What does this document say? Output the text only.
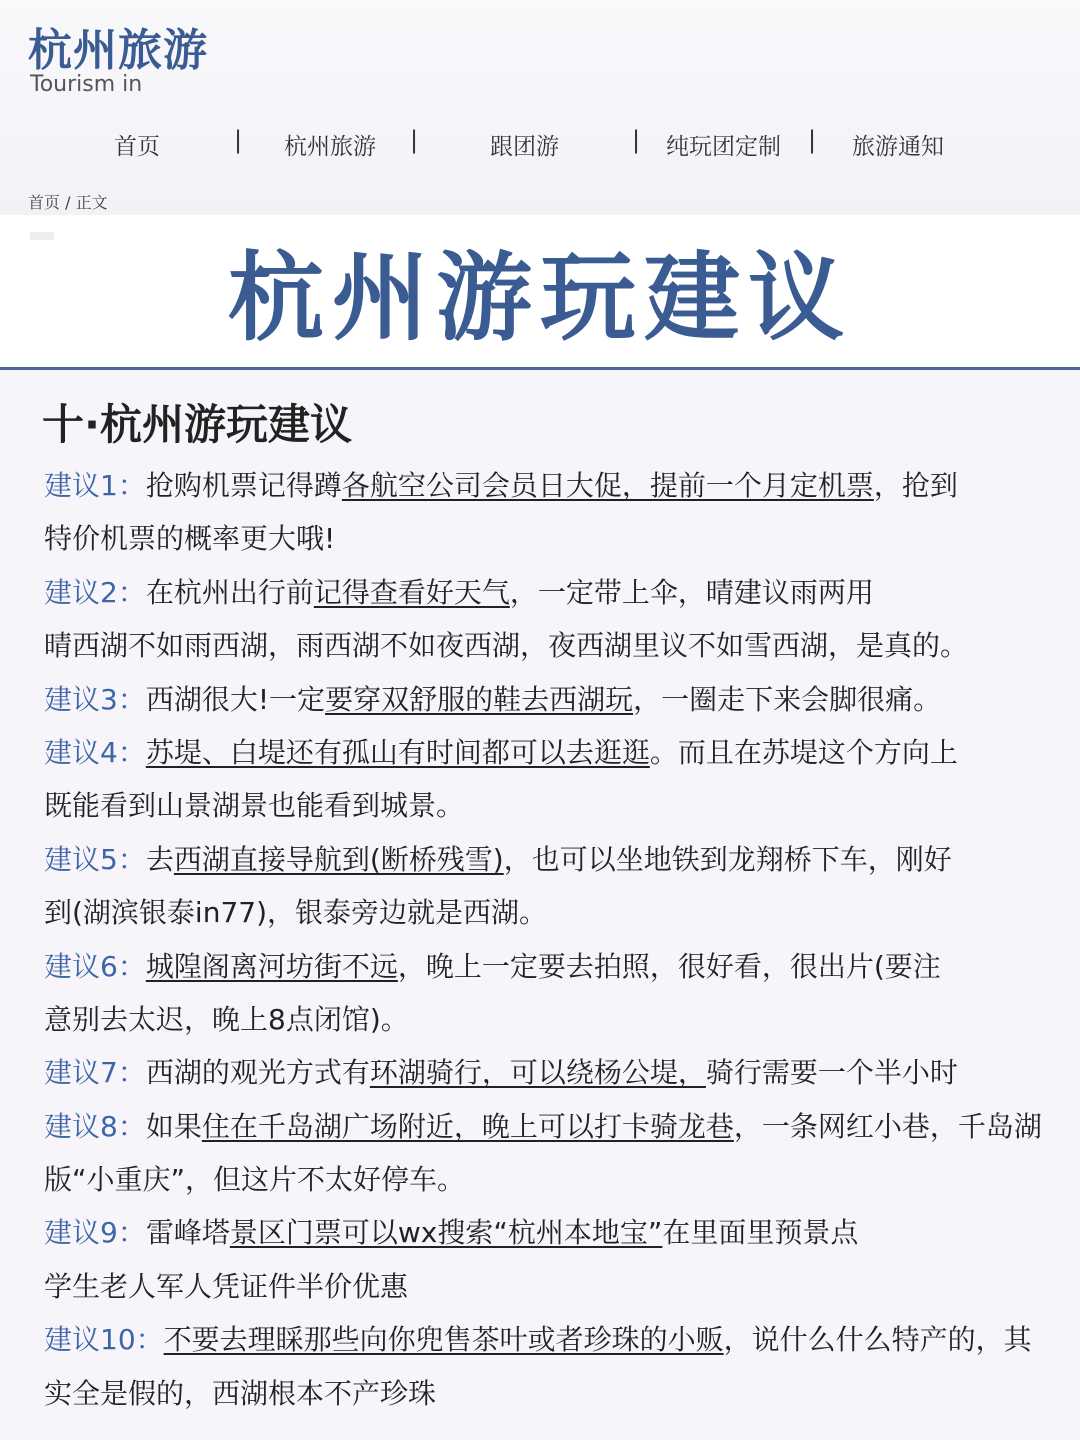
杭州旅游
Tourism in
首页	| 杭州旅游 |	跟团游	| 纯玩团定制 | 旅游通知
首页 / 正文
杭州游玩建议
十·杭州游玩建议
建议1：抢购机票记得蹲各航空公司会员日大促，提前一个月定机票，抢到
特价机票的概率更大哦!
建议2：在杭州出行前记得查看好天气，一定带上伞，晴建议雨两用
晴西湖不如雨西湖，雨西湖不如夜西湖，夜西湖里议不如雪西湖，是真的。
建议3：西湖很大!一定要穿双舒服的鞋去西湖玩，一圈走下来会脚很痛。
建议4：苏堤、白堤还有孤山有时间都可以去逛逛。而且在苏堤这个方向上
既能看到山景湖景也能看到城景。
建议5：去西湖直接导航到(断桥残雪)，也可以坐地铁到龙翔桥下车，刚好
到(湖滨银泰in77)，银泰旁边就是西湖。
建议6：城隍阁离河坊街不远，晚上一定要去拍照，很好看，很出片(要注
意别去太迟，晚上8点闭馆)。
建议7：西湖的观光方式有环湖骑行，可以绕杨公堤，骑行需要一个半小时
建议8：如果住在千岛湖广场附近，晚上可以打卡骑龙巷，一条网红小巷，千岛湖
版“小重庆”，但这片不太好停车。
建议9：雷峰塔景区门票可以wx搜索“杭州本地宝”在里面里预景点
学生老人军人凭证件半价优惠
建议10：不要去理睬那些向你兜售茶叶或者珍珠的小贩，说什么什么特产的，其
实全是假的，西湖根本不产珍珠
